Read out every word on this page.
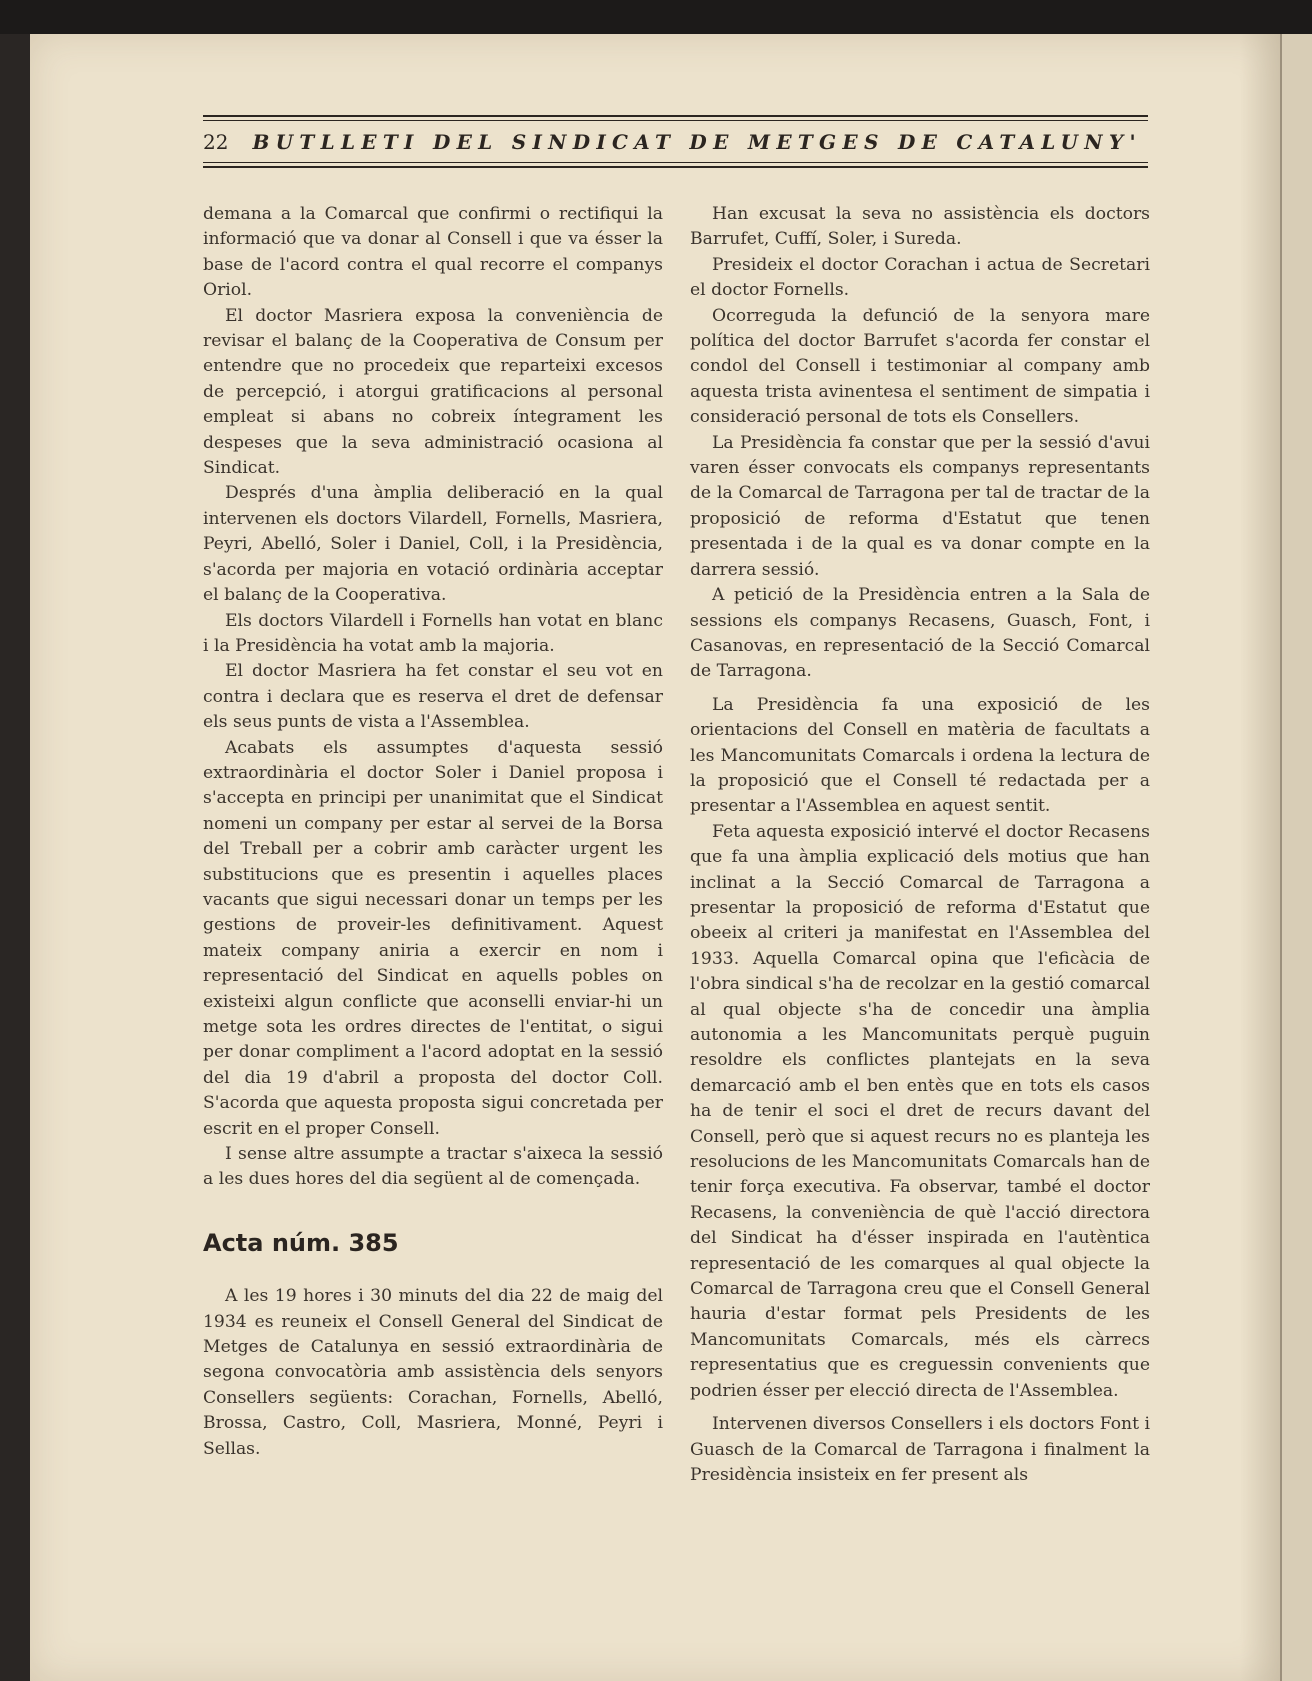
22 BUTLLETI DEL SINDICAT DE METGES DE CATALUNY'

demana a la Comarcal que confirmi o rectifiqui la informació que va donar al Consell i que va ésser la base de l'acord contra el qual recorre el companys Oriol.

El doctor Masriera exposa la conveniència de revisar el balanç de la Cooperativa de Consum per entendre que no procedeix que reparteixi excesos de percepció, i atorgui gratificacions al personal empleat si abans no cobreix íntegrament les despeses que la seva administració ocasiona al Sindicat.

Després d'una àmplia deliberació en la qual intervenen els doctors Vilardell, Fornells, Masriera, Peyri, Abelló, Soler i Daniel, Coll, i la Presidència, s'acorda per majoria en votació ordinària acceptar el balanç de la Cooperativa.

Els doctors Vilardell i Fornells han votat en blanc i la Presidència ha votat amb la majoria.

El doctor Masriera ha fet constar el seu vot en contra i declara que es reserva el dret de defensar els seus punts de vista a l'Assemblea.

Acabats els assumptes d'aquesta sessió extraordinària el doctor Soler i Daniel proposa i s'accepta en principi per unanimitat que el Sindicat nomeni un company per estar al servei de la Borsa del Treball per a cobrir amb caràcter urgent les substitucions que es presentin i aquelles places vacants que sigui necessari donar un temps per les gestions de proveir-les definitivament. Aquest mateix company aniria a exercir en nom i representació del Sindicat en aquells pobles on existeixi algun conflicte que aconselli enviar-hi un metge sota les ordres directes de l'entitat, o sigui per donar compliment a l'acord adoptat en la sessió del dia 19 d'abril a proposta del doctor Coll. S'acorda que aquesta proposta sigui concretada per escrit en el proper Consell.

I sense altre assumpte a tractar s'aixeca la sessió a les dues hores del dia següent al de començada.

Acta núm. 385

A les 19 hores i 30 minuts del dia 22 de maig del 1934 es reuneix el Consell General del Sindicat de Metges de Catalunya en sessió extraordinària de segona convocatòria amb assistència dels senyors Consellers següents: Corachan, Fornells, Abelló, Brossa, Castro, Coll, Masriera, Monné, Peyri i Sellas.

Han excusat la seva no assistència els doctors Barrufet, Cuffí, Soler, i Sureda.

Presideix el doctor Corachan i actua de Secretari el doctor Fornells.

Ocorreguda la defunció de la senyora mare política del doctor Barrufet s'acorda fer constar el condol del Consell i testimoniar al company amb aquesta trista avinentesa el sentiment de simpatia i consideració personal de tots els Consellers.

La Presidència fa constar que per la sessió d'avui varen ésser convocats els companys representants de la Comarcal de Tarragona per tal de tractar de la proposició de reforma d'Estatut que tenen presentada i de la qual es va donar compte en la darrera sessió.

A petició de la Presidència entren a la Sala de sessions els companys Recasens, Guasch, Font, i Casanovas, en representació de la Secció Comarcal de Tarragona.

La Presidència fa una exposició de les orientacions del Consell en matèria de facultats a les Mancomunitats Comarcals i ordena la lectura de la proposició que el Consell té redactada per a presentar a l'Assemblea en aquest sentit.

Feta aquesta exposició intervé el doctor Recasens que fa una àmplia explicació dels motius que han inclinat a la Secció Comarcal de Tarragona a presentar la proposició de reforma d'Estatut que obeeix al criteri ja manifestat en l'Assemblea del 1933. Aquella Comarcal opina que l'eficàcia de l'obra sindical s'ha de recolzar en la gestió comarcal al qual objecte s'ha de concedir una àmplia autonomia a les Mancomunitats perquè puguin resoldre els conflictes plantejats en la seva demarcació amb el ben entès que en tots els casos ha de tenir el soci el dret de recurs davant del Consell, però que si aquest recurs no es planteja les resolucions de les Mancomunitats Comarcals han de tenir força executiva. Fa observar, també el doctor Recasens, la conveniència de què l'acció directora del Sindicat ha d'ésser inspirada en l'autèntica representació de les comarques al qual objecte la Comarcal de Tarragona creu que el Consell General hauria d'estar format pels Presidents de les Mancomunitats Comarcals, més els càrrecs representatius que es creguessin convenients que podrien ésser per elecció directa de l'Assemblea.

Intervenen diversos Consellers i els doctors Font i Guasch de la Comarcal de Tarragona i finalment la Presidència insisteix en fer present als
